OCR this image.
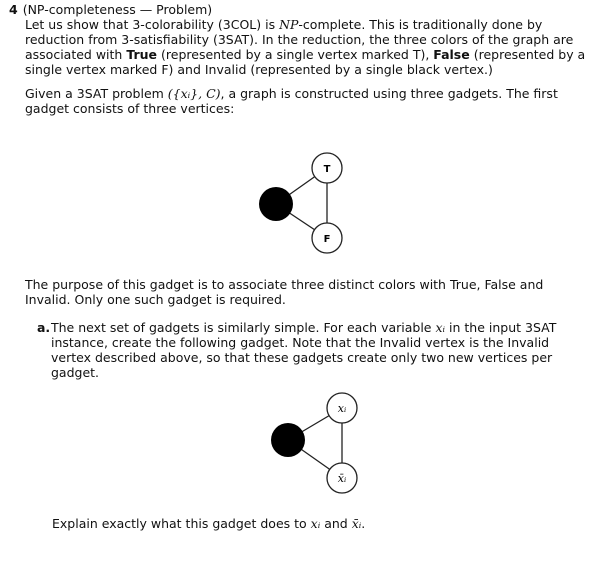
4 (NP-completeness — Problem)

Let us show that 3-colorability (3COL) is NP-complete. This is traditionally done by reduction from 3-satisfiability (3SAT). In the reduction, the three colors of the graph are associated with True (represented by a single vertex marked T), False (represented by a single vertex marked F) and Invalid (represented by a single black vertex.)

Given a 3SAT problem ({xᵢ}, C), a graph is constructed using three gadgets. The first gadget consists of three vertices:

T
F

The purpose of this gadget is to associate three distinct colors with True, False and Invalid. Only one such gadget is required.

a. The next set of gadgets is similarly simple. For each variable xᵢ in the input 3SAT instance, create the following gadget. Note that the Invalid vertex is the Invalid vertex described above, so that these gadgets create only two new vertices per gadget.
xᵢ
x̄ᵢ

Explain exactly what this gadget does to xᵢ and x̄ᵢ.
